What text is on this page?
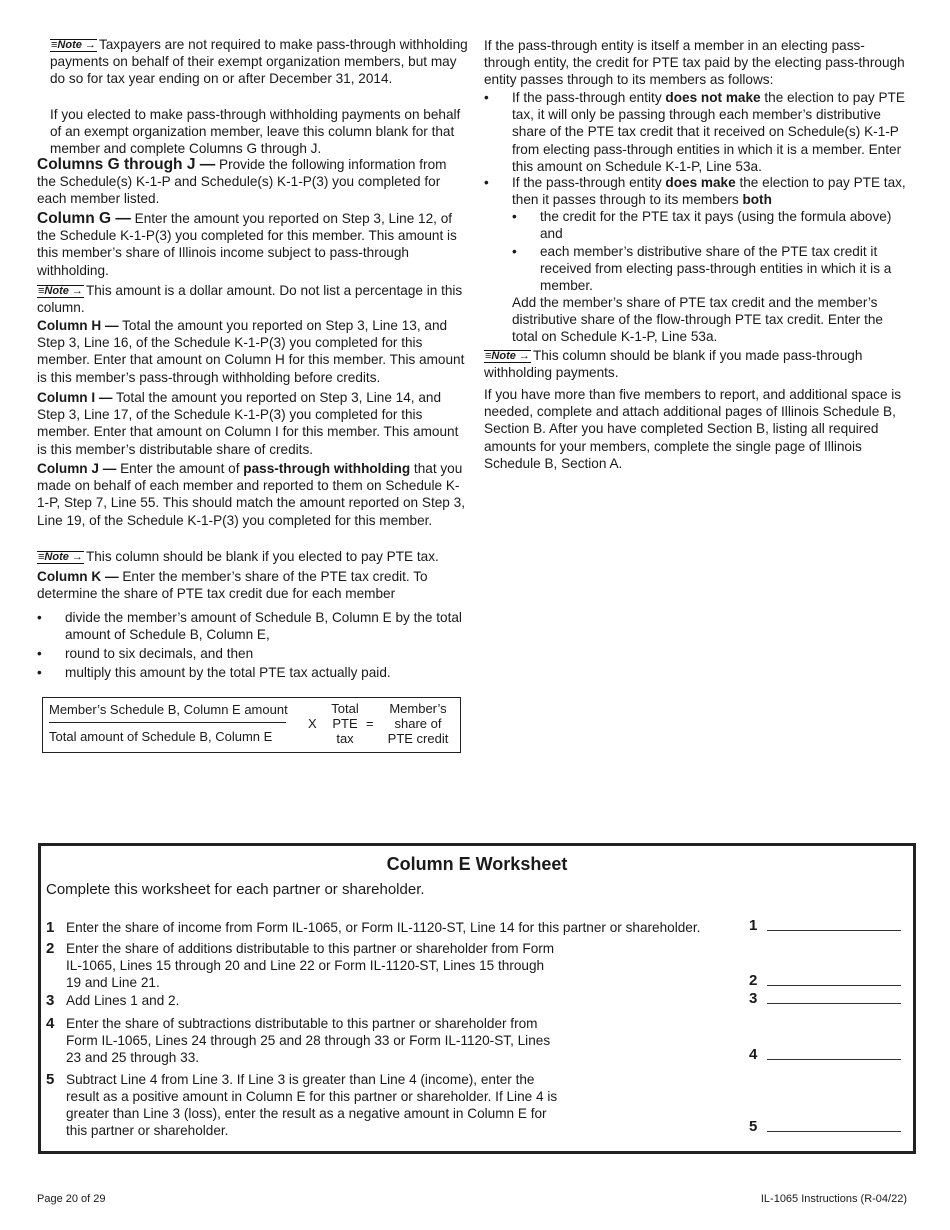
≡Note → Taxpayers are not required to make pass-through withholding payments on behalf of their exempt organization members, but may do so for tax year ending on or after December 31, 2014.

If you elected to make pass-through withholding payments on behalf of an exempt organization member, leave this column blank for that member and complete Columns G through J.

Columns G through J — Provide the following information from the Schedule(s) K-1-P and Schedule(s) K-1-P(3) you completed for each member listed.

Column G — Enter the amount you reported on Step 3, Line 12, of the Schedule K-1-P(3) you completed for this member. This amount is this member’s share of Illinois income subject to pass-through withholding.

≡Note → This amount is a dollar amount. Do not list a percentage in this column.

Column H — Total the amount you reported on Step 3, Line 13, and Step 3, Line 16, of the Schedule K-1-P(3) you completed for this member. Enter that amount on Column H for this member. This amount is this member’s pass-through withholding before credits.

Column I — Total the amount you reported on Step 3, Line 14, and Step 3, Line 17, of the Schedule K-1-P(3) you completed for this member. Enter that amount on Column I for this member. This amount is this member’s distributable share of credits.

Column J — Enter the amount of pass-through withholding that you made on behalf of each member and reported to them on Schedule K-1-P, Step 7, Line 55. This should match the amount reported on Step 3, Line 19, of the Schedule K-1-P(3) you completed for this member.

≡Note → This column should be blank if you elected to pay PTE tax.

Column K — Enter the member’s share of the PTE tax credit. To determine the share of PTE tax credit due for each member

• divide the member’s amount of Schedule B, Column E by the total amount of Schedule B, Column E,
• round to six decimals, and then
• multiply this amount by the total PTE tax actually paid.
Member’s Schedule B, Column E amount
Total amount of Schedule B, Column E
X
Total
PTE
tax
=
Member’s
share of
PTE credit

If the pass-through entity is itself a member in an electing pass-through entity, the credit for PTE tax paid by the electing pass-through entity passes through to its members as follows:

• If the pass-through entity does not make the election to pay PTE tax, it will only be passing through each member’s distributive share of the PTE tax credit that it received on Schedule(s) K-1-P from electing pass-through entities in which it is a member. Enter this amount on Schedule K-1-P, Line 53a.
• If the pass-through entity does make the election to pay PTE tax, then it passes through to its members both
• the credit for the PTE tax it pays (using the formula above) and
• each member’s distributive share of the PTE tax credit it received from electing pass-through entities in which it is a member.

Add the member’s share of PTE tax credit and the member’s distributive share of the flow-through PTE tax credit. Enter the total on Schedule K-1-P, Line 53a.

≡Note → This column should be blank if you made pass-through withholding payments.

If you have more than five members to report, and additional space is needed, complete and attach additional pages of Illinois Schedule B, Section B. After you have completed Section B, listing all required amounts for your members, complete the single page of Illinois Schedule B, Section A.

Column E Worksheet
Complete this worksheet for each partner or shareholder.
1 Enter the share of income from Form IL-1065, or Form IL-1120-ST, Line 14 for this partner or shareholder.	1
2 Enter the share of additions distributable to this partner or shareholder from Form IL-1065, Lines 15 through 20 and Line 22 or Form IL-1120-ST, Lines 15 through 19 and Line 21.	2
3 Add Lines 1 and 2.	3
4 Enter the share of subtractions distributable to this partner or shareholder from Form IL-1065, Lines 24 through 25 and 28 through 33 or Form IL-1120-ST, Lines 23 and 25 through 33.	4
5 Subtract Line 4 from Line 3. If Line 3 is greater than Line 4 (income), enter the result as a positive amount in Column E for this partner or shareholder. If Line 4 is greater than Line 3 (loss), enter the result as a negative amount in Column E for this partner or shareholder.	5
Page 20 of 29	IL-1065 Instructions (R-04/22)
